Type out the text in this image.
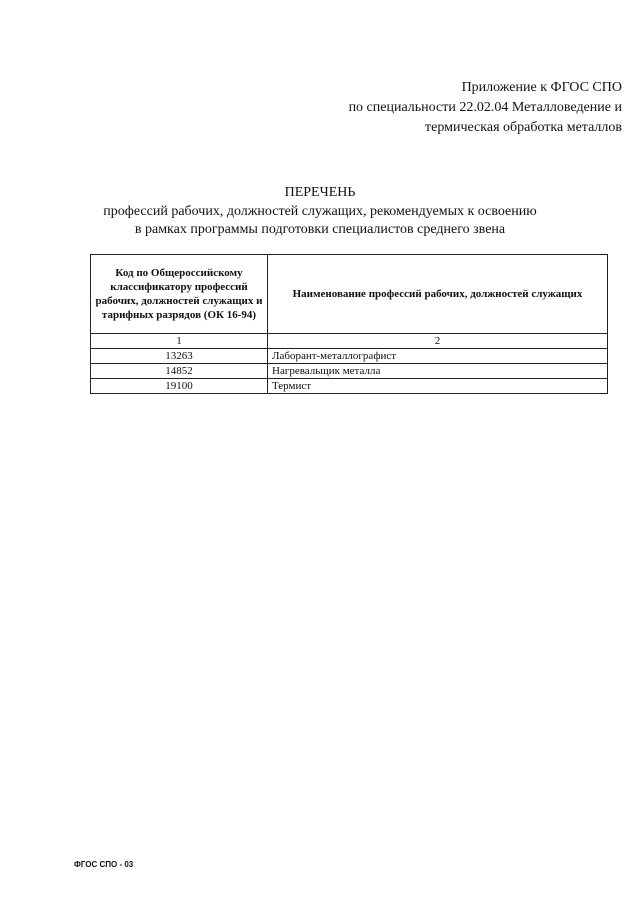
Приложение к ФГОС СПО
по специальности 22.02.04 Металловедение и
термическая обработка металлов
ПЕРЕЧЕНЬ
профессий рабочих, должностей служащих, рекомендуемых к освоению
в рамках программы подготовки специалистов среднего звена
Код по Общероссийскому классификатору профессий рабочих, должностей служащих и тарифных разрядов (ОК 16-94)	Наименование профессий рабочих, должностей служащих
1	2
13263	Лаборант-металлографист
14852	Нагревальщик металла
19100	Термист
ФГОС СПО - 03
